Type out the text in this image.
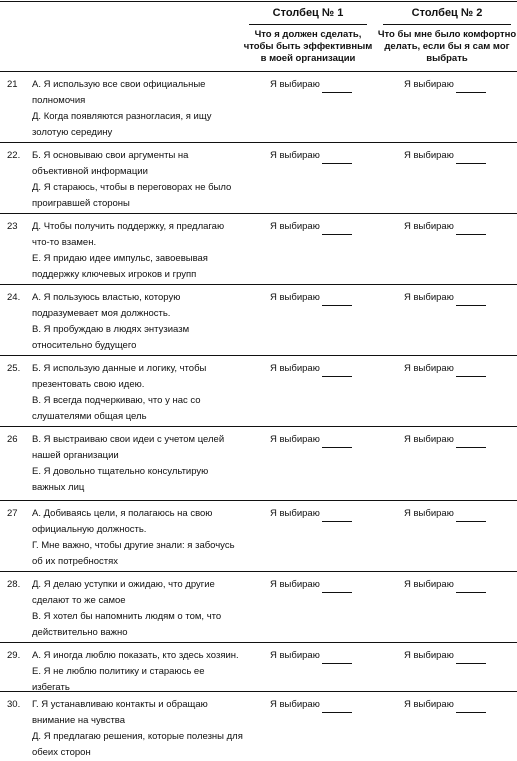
Столбец № 1
Что я должен сделать, чтобы быть эффективным в моей организации
Столбец № 2
Что бы мне было комфортно делать, если бы я сам мог выбрать
21	А. Я использую все свои официальные полномочия

Д. Когда появляются разногласия, я ищу золотую середину

Я выбираю	Я выбираю
22.	Б. Я основываю свои аргументы на объективной информации

Д. Я стараюсь, чтобы в переговорах не было проигравшей стороны

Я выбираю	Я выбираю
23	Д. Чтобы получить поддержку, я предлагаю что-то взамен.

Е. Я придаю идее импульс, завоевывая поддержку ключевых игроков и групп

Я выбираю	Я выбираю
24.	А. Я пользуюсь властью, которую подразумевает моя должность.

В. Я пробуждаю в людях энтузиазм относительно будущего

Я выбираю	Я выбираю
25.	Б. Я использую данные и логику, чтобы презентовать свою идею.

В. Я всегда подчеркиваю, что у нас со слушателями общая цель

Я выбираю	Я выбираю
26	В. Я выстраиваю свои идеи с учетом целей нашей организации

Е. Я довольно тщательно консультирую важных лиц

Я выбираю	Я выбираю
27	А. Добиваясь цели, я полагаюсь на свою официальную должность.

Г. Мне важно, чтобы другие знали: я забочусь об их потребностях

Я выбираю	Я выбираю
28.	Д. Я делаю уступки и ожидаю, что другие сделают то же самое

В. Я хотел бы напомнить людям о том, что действительно важно

Я выбираю	Я выбираю
29.	А. Я иногда люблю показать, кто здесь хозяин.

Е. Я не люблю политику и стараюсь ее избегать

Я выбираю	Я выбираю
30.	Г. Я устанавливаю контакты и обращаю внимание на чувства

Д. Я предлагаю решения, которые полезны для обеих сторон

Я выбираю	Я выбираю
